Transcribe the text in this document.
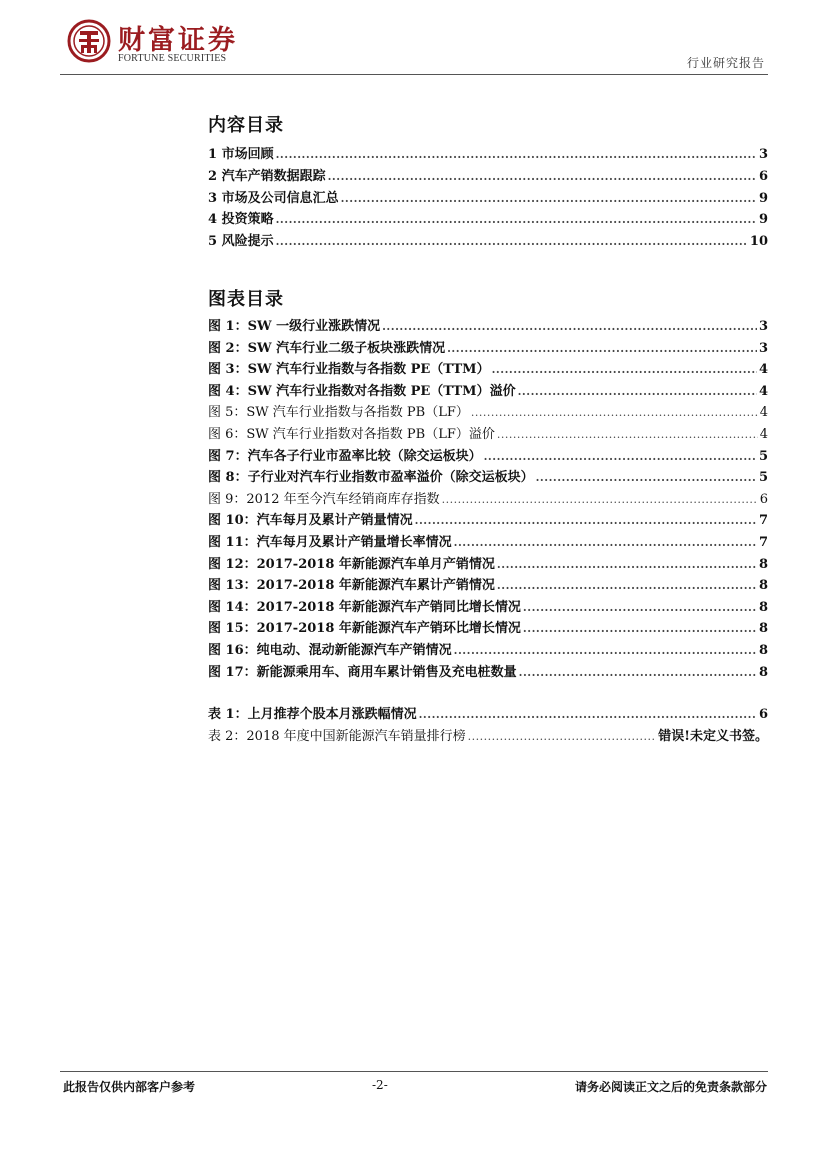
财富证券
FORTUNE SECURITIES	行业研究报告
内容目录
1 市场回顾 .....	3
2 汽车产销数据跟踪 .....	6
3 市场及公司信息汇总 .....	9
4 投资策略 .....	9
5 风险提示 .....	10
图表目录
图 1：SW 一级行业涨跌情况 .....	3
图 2：SW 汽车行业二级子板块涨跌情况 .....	3
图 3：SW 汽车行业指数与各指数 PE（TTM） .....	4
图 4：SW 汽车行业指数对各指数 PE（TTM）溢价 .....	4
图 5：SW 汽车行业指数与各指数 PB（LF） .....	4
图 6：SW 汽车行业指数对各指数 PB（LF）溢价 .....	4
图 7：汽车各子行业市盈率比较（除交运板块） .....	5
图 8：子行业对汽车行业指数市盈率溢价（除交运板块） .....	5
图 9：2012 年至今汽车经销商库存指数 .....	6
图 10：汽车每月及累计产销量情况 .....	7
图 11：汽车每月及累计产销量增长率情况 .....	7
图 12：2017-2018 年新能源汽车单月产销情况 .....	8
图 13：2017-2018 年新能源汽车累计产销情况 .....	8
图 14：2017-2018 年新能源汽车产销同比增长情况 .....	8
图 15：2017-2018 年新能源汽车产销环比增长情况 .....	8
图 16：纯电动、混动新能源汽车产销情况 .....	8
图 17：新能源乘用车、商用车累计销售及充电桩数量 .....	8
表 1：上月推荐个股本月涨跌幅情况 .....	6
表 2：2018 年度中国新能源汽车销量排行榜 .....	错误!未定义书签。
此报告仅供内部客户参考	-2-	请务必阅读正文之后的免责条款部分
